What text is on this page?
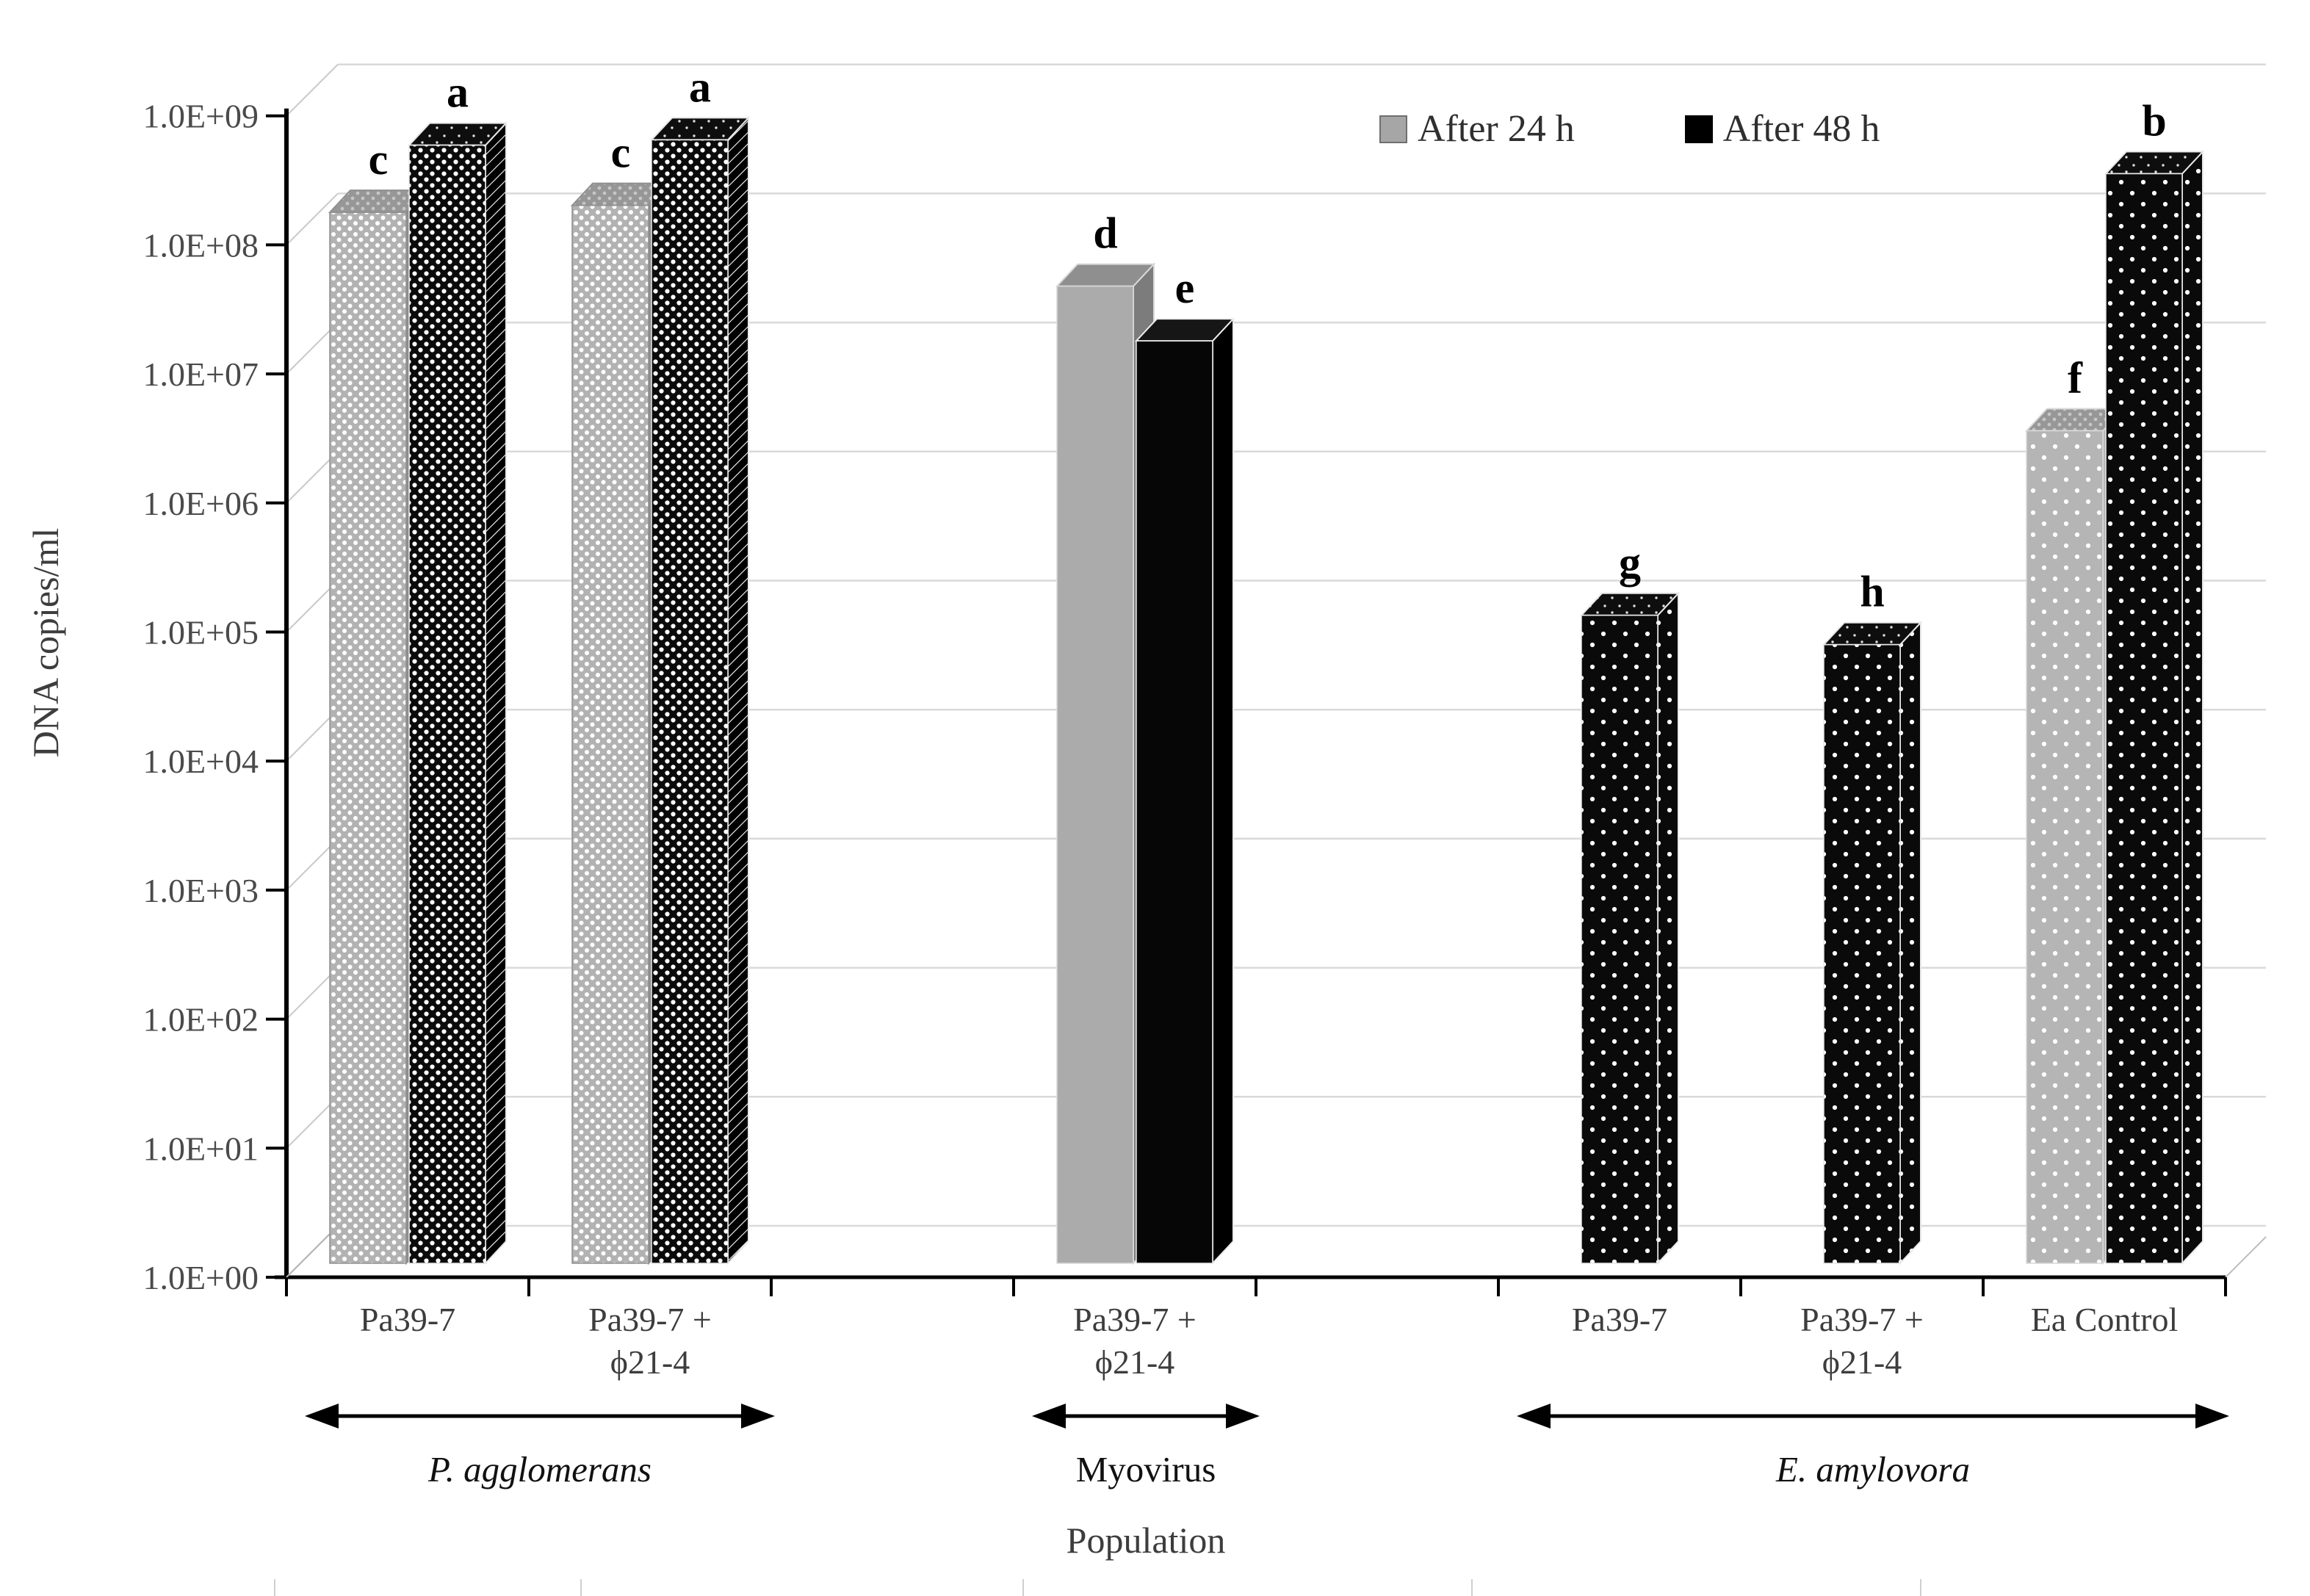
1.0E+00
1.0E+01
1.0E+02
1.0E+03
1.0E+04
1.0E+05
1.0E+06
1.0E+07
1.0E+08
1.0E+09
c
a
Pa39-7
c
a
Pa39-7 + ϕ21-4
d
e
Pa39-7 + ϕ21-4
g
Pa39-7
h
Pa39-7 + ϕ21-4
f
b
Ea Control
DNA copies/ml
After 24 h	After 48 h
P. agglomerans	Myovirus	E. amylovora
Population
